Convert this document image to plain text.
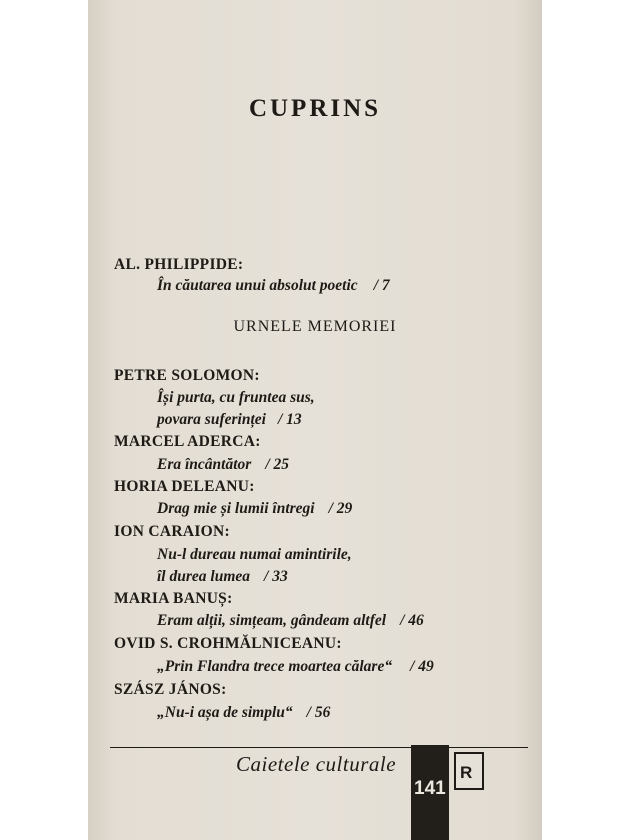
CUPRINS
AL. PHILIPPIDE:
În căutarea unui absolut poetic / 7
URNELE MEMORIEI
PETRE SOLOMON:
Își purta, cu fruntea sus,
povara suferinței / 13
MARCEL ADERCA:
Era încântător / 25
HORIA DELEANU:
Drag mie și lumii întregi / 29
ION CARAION:
Nu-l dureau numai amintirile,
îl durea lumea / 33
MARIA BANUȘ:
Eram alții, simțeam, gândeam altfel / 46
OVID S. CROHMĂLNICEANU:
„Prin Flandra trece moartea călare“ / 49
SZÁSZ JÁNOS:
„Nu-i așa de simplu“ / 56
Caietele culturale
141
R
